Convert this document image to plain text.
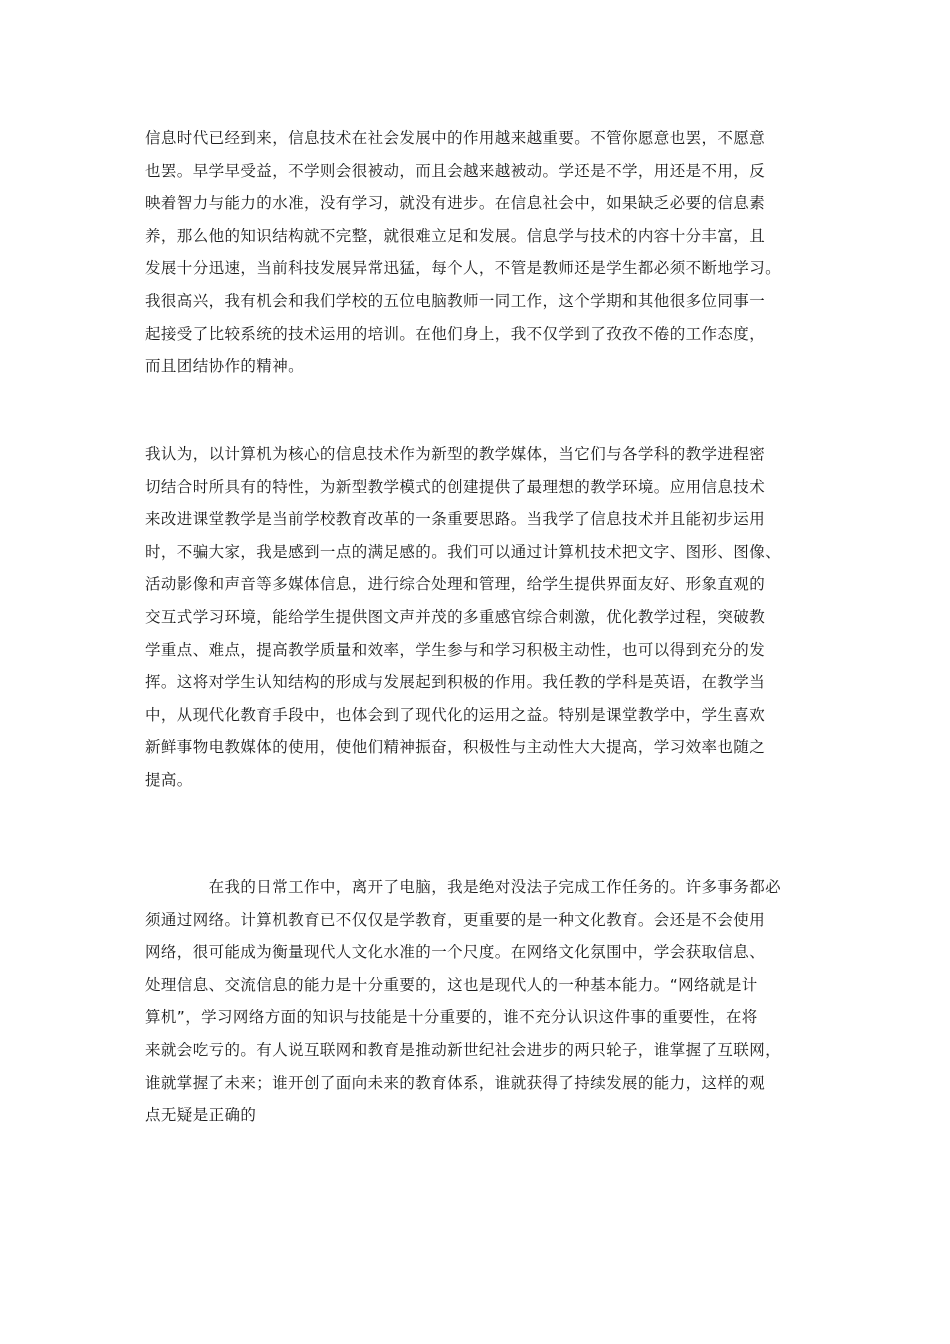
信息时代已经到来，信息技术在社会发展中的作用越来越重要。不管你愿意也罢，不愿意
也罢。早学早受益，不学则会很被动，而且会越来越被动。学还是不学，用还是不用，反
映着智力与能力的水准，没有学习，就没有进步。在信息社会中，如果缺乏必要的信息素
养，那么他的知识结构就不完整，就很难立足和发展。信息学与技术的内容十分丰富，且
发展十分迅速，当前科技发展异常迅猛，每个人，不管是教师还是学生都必须不断地学习。
我很高兴，我有机会和我们学校的五位电脑教师一同工作，这个学期和其他很多位同事一
起接受了比较系统的技术运用的培训。在他们身上，我不仅学到了孜孜不倦的工作态度，
而且团结协作的精神。
我认为，以计算机为核心的信息技术作为新型的教学媒体，当它们与各学科的教学进程密
切结合时所具有的特性，为新型教学模式的创建提供了最理想的教学环境。应用信息技术
来改进课堂教学是当前学校教育改革的一条重要思路。当我学了信息技术并且能初步运用
时，不骗大家，我是感到一点的满足感的。我们可以通过计算机技术把文字、图形、图像、
活动影像和声音等多媒体信息，进行综合处理和管理，给学生提供界面友好、形象直观的
交互式学习环境，能给学生提供图文声并茂的多重感官综合刺激，优化教学过程，突破教
学重点、难点，提高教学质量和效率，学生参与和学习积极主动性，也可以得到充分的发
挥。这将对学生认知结构的形成与发展起到积极的作用。我任教的学科是英语，在教学当
中，从现代化教育手段中，也体会到了现代化的运用之益。特别是课堂教学中，学生喜欢
新鲜事物电教媒体的使用，使他们精神振奋，积极性与主动性大大提高，学习效率也随之
提高。
　　　　在我的日常工作中，离开了电脑，我是绝对没法子完成工作任务的。许多事务都必
须通过网络。计算机教育已不仅仅是学教育，更重要的是一种文化教育。会还是不会使用
网络，很可能成为衡量现代人文化水准的一个尺度。在网络文化氛围中，学会获取信息、
处理信息、交流信息的能力是十分重要的，这也是现代人的一种基本能力。“网络就是计
算机”，学习网络方面的知识与技能是十分重要的，谁不充分认识这件事的重要性，在将
来就会吃亏的。有人说互联网和教育是推动新世纪社会进步的两只轮子，谁掌握了互联网，
谁就掌握了未来；谁开创了面向未来的教育体系，谁就获得了持续发展的能力，这样的观
点无疑是正确的
